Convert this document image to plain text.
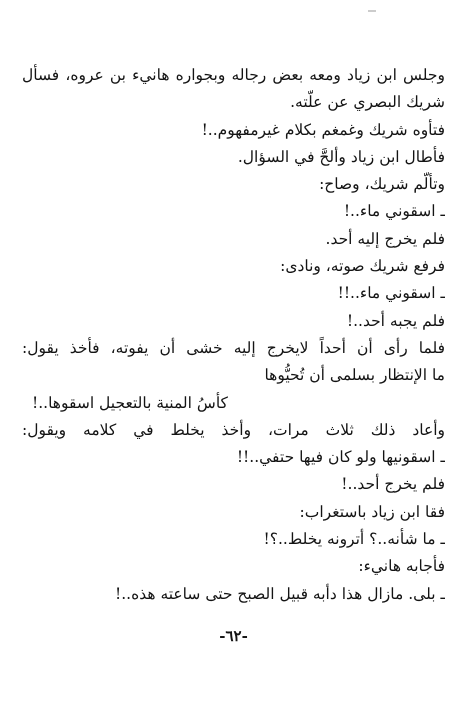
وجلس ابن زياد ومعه بعض رجاله وبجواره هانيء بن عروه، فسأل
شريك البصري عن علّته.
فتأوه شريك وغمغم بكلام غيرمفهوم..!
فأطال ابن زياد وألحَّ في السؤال.
وتألّم شريك، وصاح:
ـ اسقوني ماء..!
فلم يخرج إليه أحد.
فرفع شريك صوته، ونادى:
ـ اسقوني ماء..!!
فلم يجبه أحد..!
فلما رأى أن أحداً لايخرج إليه خشى أن يفوته، فأخذ يقول:
ما الإنتظار بسلمى أن تُحيُّوها
كأسُ المنية بالتعجيل اسقوها..!
وأعاد ذلك ثلاث مرات، وأخذ يخلط في كلامه ويقول:
ـ اسقونيها ولو كان فيها حتفي..!!
فلم يخرج أحد..!
فقا ابن زياد باستغراب:
ـ ما شأنه..؟ أترونه يخلط..؟!
فأجابه هانيء:
ـ بلى. مازال هذا دأبه قبيل الصبح حتى ساعته هذه..!
-٦٢-
